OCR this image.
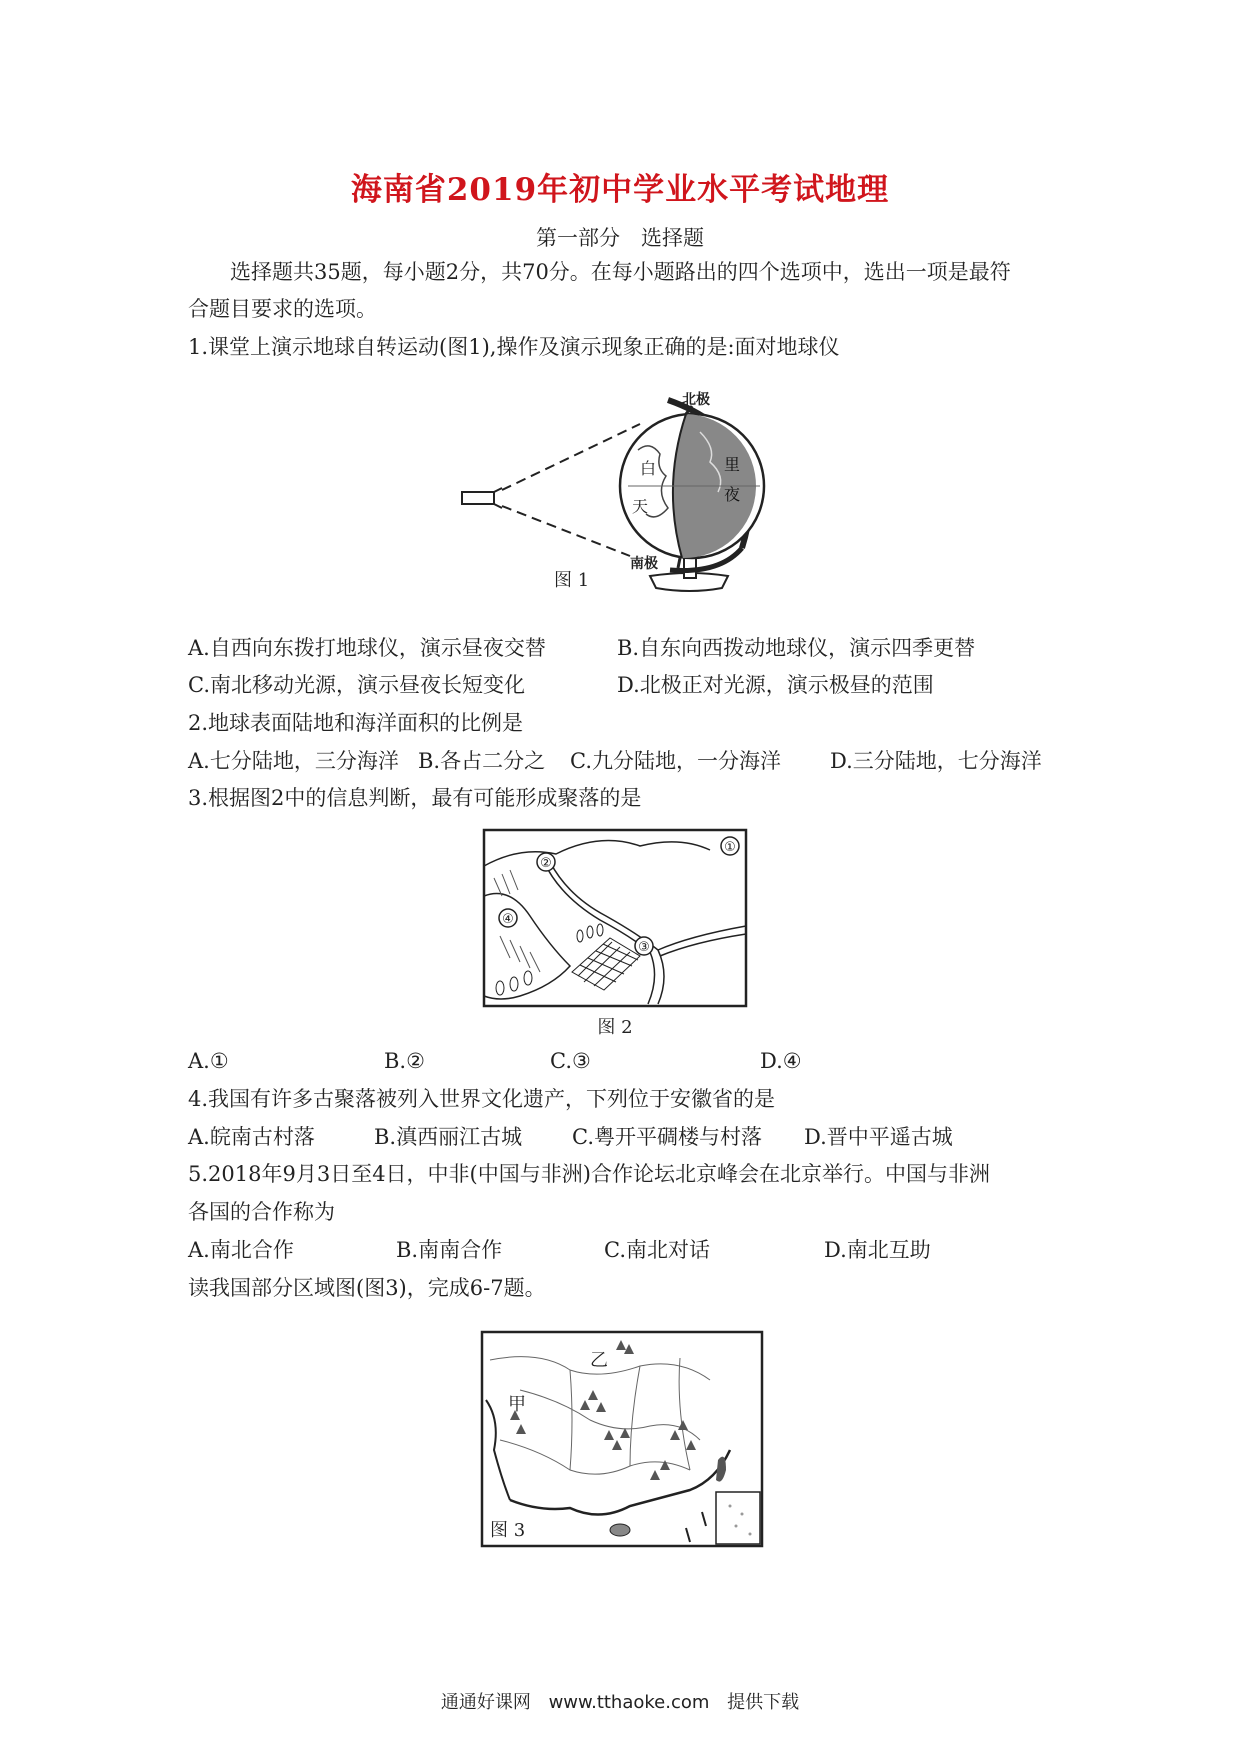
海南省2019年初中学业水平考试地理
第一部分　选择题
选择题共35题，每小题2分，共70分。在每小题路出的四个选项中，选出一项是最符
合题目要求的选项。
1.课堂上演示地球自转运动(图1),操作及演示现象正确的是:面对地球仪
北极
南极
白
天
里
夜
图 1
A.自西向东拨打地球仪，演示昼夜交替	B.自东向西拨动地球仪，演示四季更替
C.南北移动光源，演示昼夜长短变化	D.北极正对光源，演示极昼的范围
2.地球表面陆地和海洋面积的比例是
A.七分陆地，三分海洋 B.各占二分之 C.九分陆地，一分海洋 D.三分陆地，七分海洋
3.根据图2中的信息判断，最有可能形成聚落的是
①
②
③
④
图 2
A.①	B.②	C.③	D.④
4.我国有许多古聚落被列入世界文化遗产，下列位于安徽省的是
A.皖南古村落	B.滇西丽江古城 C.粤开平碉楼与村落 D.晋中平遥古城
5.2018年9月3日至4日，中非(中国与非洲)合作论坛北京峰会在北京举行。中国与非洲
各国的合作称为
A.南北合作	B.南南合作	C.南北对话	D.南北互助
读我国部分区域图(图3)，完成6-7题。
甲
乙
图 3
通通好课网 www.tthaoke.com 提供下载
